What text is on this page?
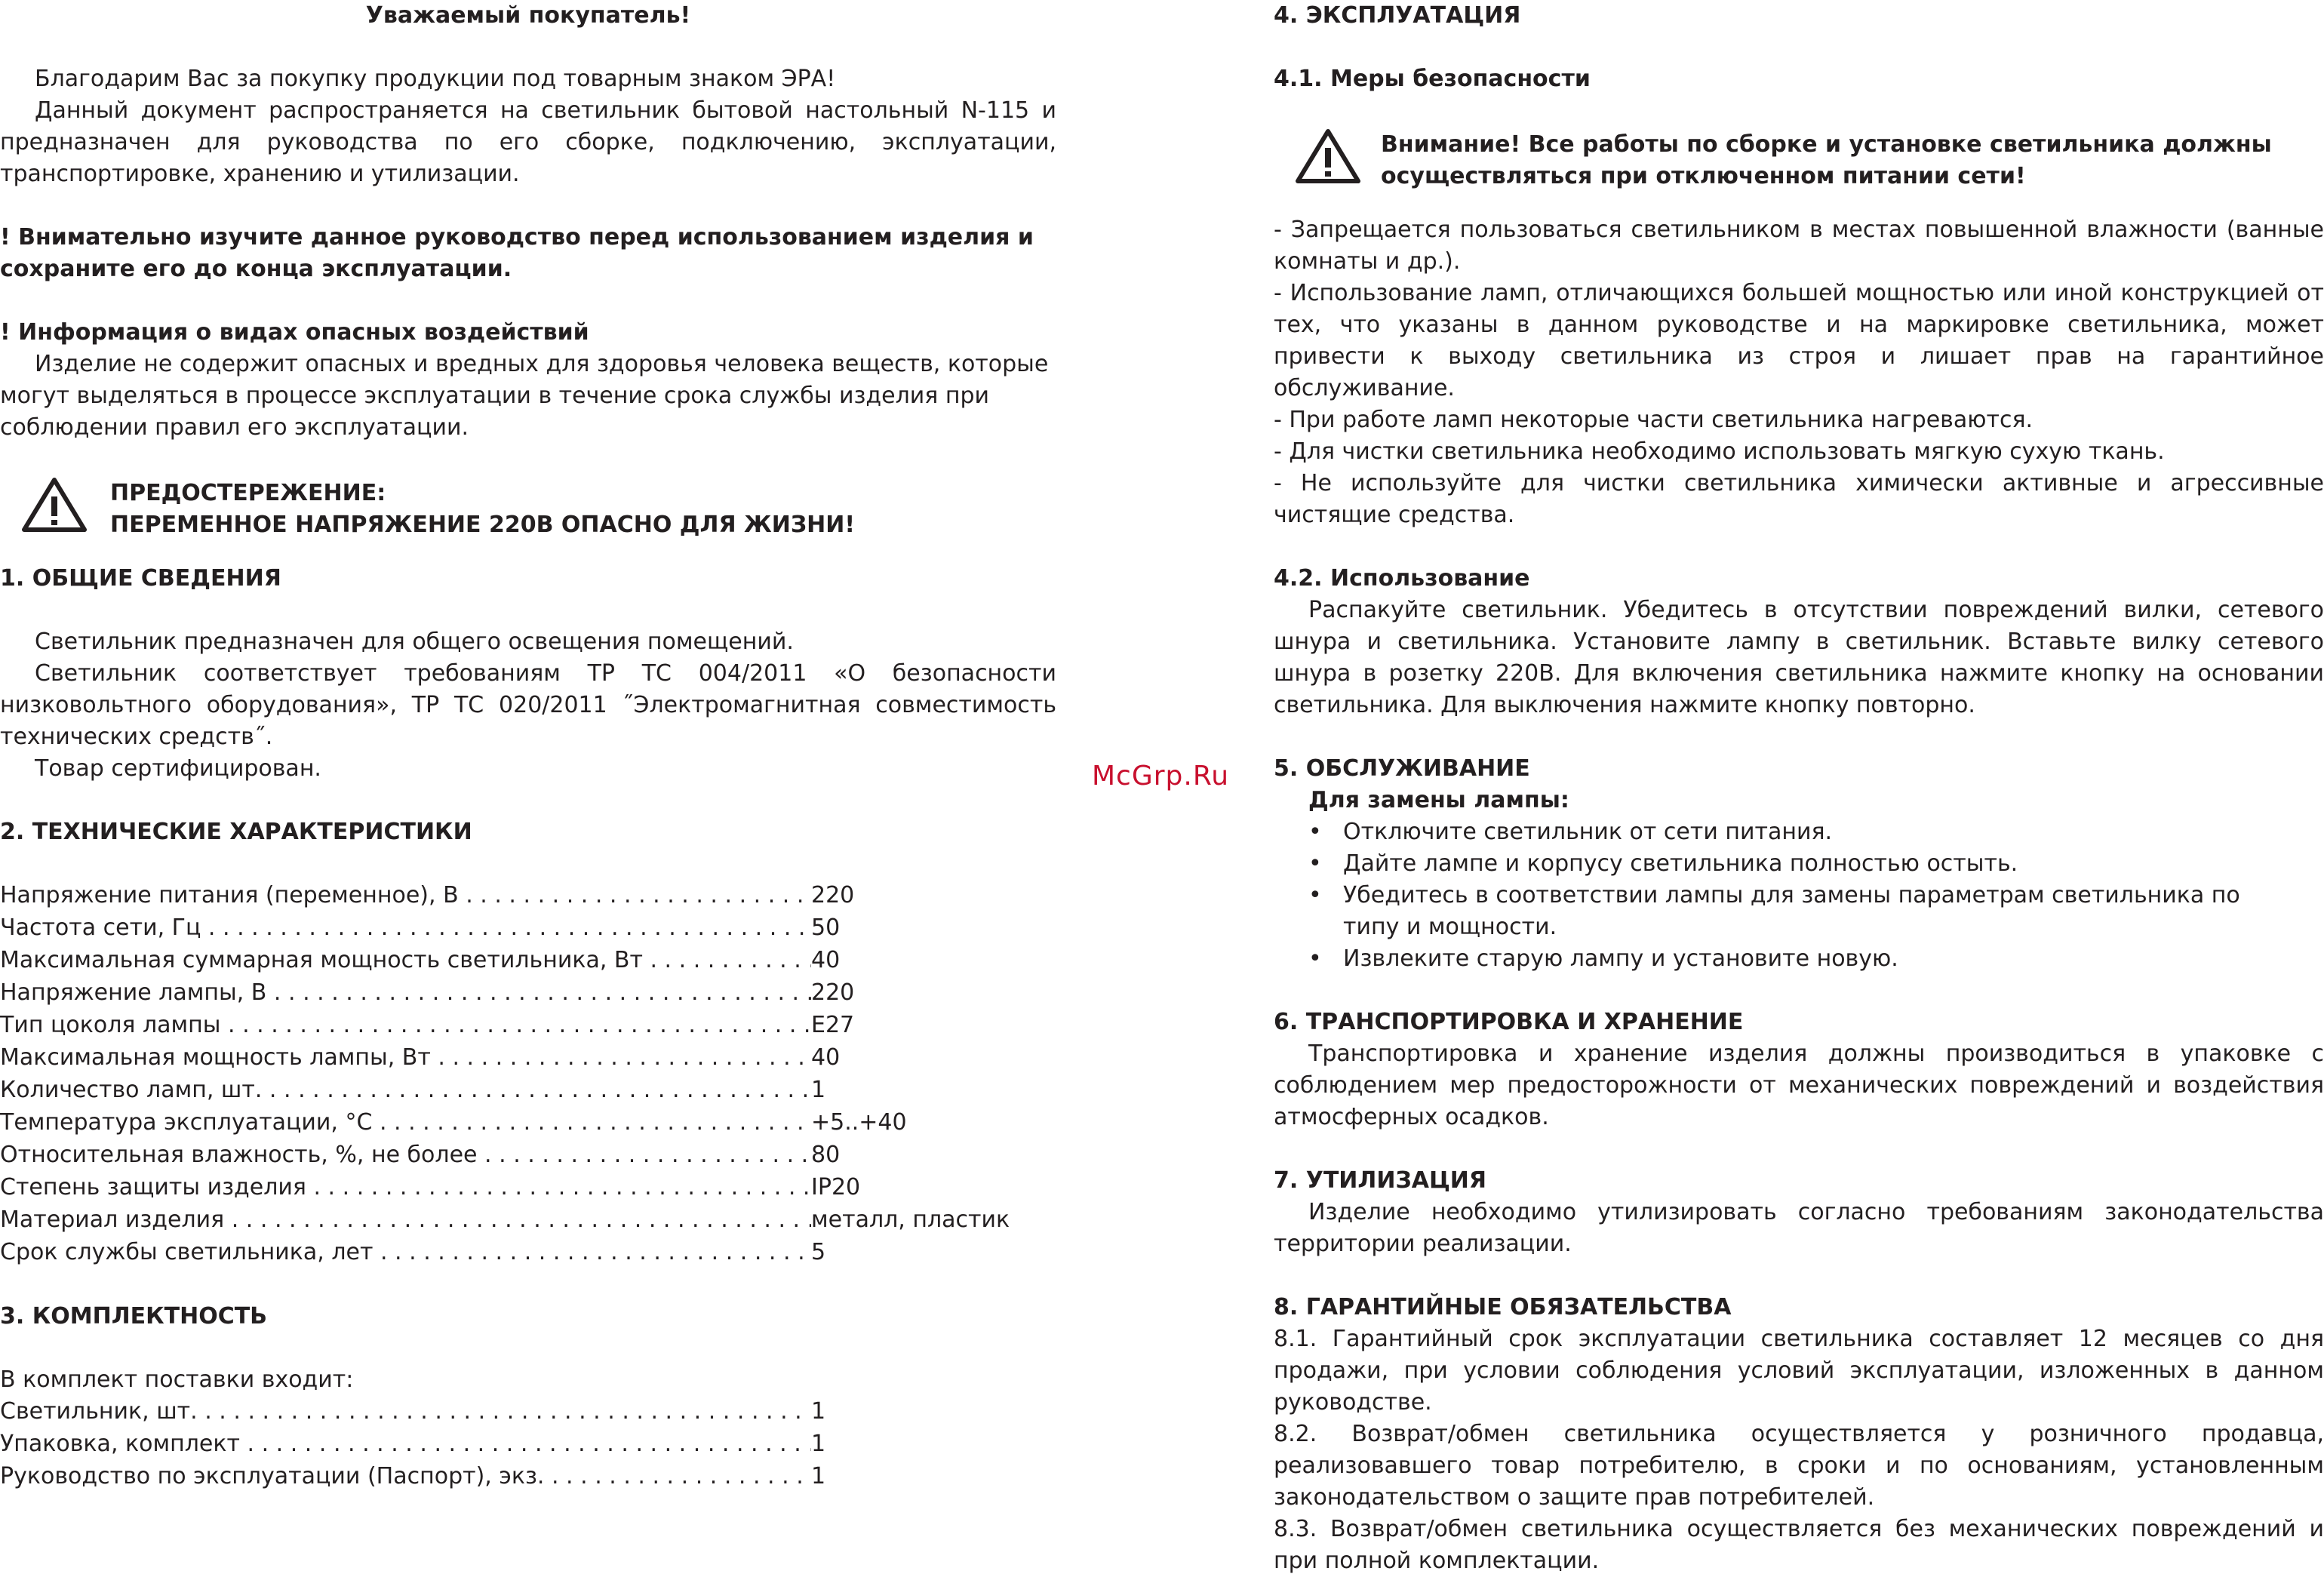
Уважаемый покупатель!

Благодарим Вас за покупку продукции под товарным знаком ЭРА!

Данный документ распространяется на светильник бытовой настольный N-115 и предназначен для руководства по его сборке, подключению, эксплуатации, транспортировке, хранению и утилизации.

! Внимательно изучите данное руководство перед использованием изделия и сохраните его до конца эксплуатации.

! Информация о видах опасных воздействий

Изделие не содержит опасных и вредных для здоровья человека веществ, которые могут выделяться в процессе эксплуатации в течение срока службы изделия при соблюдении правил его эксплуатации.

ПРЕДОСТЕРЕЖЕНИЕ:

ПЕРЕМЕННОЕ НАПРЯЖЕНИЕ 220В ОПАСНО ДЛЯ ЖИЗНИ!

1. ОБЩИЕ СВЕДЕНИЯ

Светильник предназначен для общего освещения помещений.

Светильник соответствует требованиям ТР ТС 004/2011 «О безопасности низковольтного оборудования», ТР ТС 020/2011 ˝Электромагнитная совместимость технических средств˝.

Товар сертифицирован.

2. ТЕХНИЧЕСКИЕ ХАРАКТЕРИСТИКИ

Напряжение питания (переменное), В . . .	220
Частота сети, Гц . . .	50
Максимальная суммарная мощность светильника, Вт . . .	40
Напряжение лампы, В . . .	220
Тип цоколя лампы . . .	E27
Максимальная мощность лампы, Вт . . .	40
Количество ламп, шт. . . .	1
Температура эксплуатации, °С . . .	+5..+40
Относительная влажность, %, не более . . .	80
Степень защиты изделия . . .	IP20
Материал изделия . . .	металл, пластик
Срок службы светильника, лет . . .	5

3. КОМПЛЕКТНОСТЬ

В комплект поставки входит:

Светильник, шт. . . .	1
Упаковка, комплект . . .	1
Руководство по эксплуатации (Паспорт), экз. . . .	1
McGrp.Ru

4. ЭКСПЛУАТАЦИЯ

4.1. Меры безопасности

Внимание! Все работы по сборке и установке светильника должны осуществляться при отключенном питании сети!

- Запрещается пользоваться светильником в местах повышенной влажности (ванные комнаты и др.).

- Использование ламп, отличающихся большей мощностью или иной конструкцией от тех, что указаны в данном руководстве и на маркировке светильника, может привести к выходу светильника из строя и лишает прав на гарантийное обслуживание.

- При работе ламп некоторые части светильника нагреваются.

- Для чистки светильника необходимо использовать мягкую сухую ткань.

- Не используйте для чистки светильника химически активные и агрессивные чистящие средства.

4.2. Использование

Распакуйте светильник. Убедитесь в отсутствии повреждений вилки, сетевого шнура и светильника. Установите лампу в светильник. Вставьте вилку сетевого шнура в розетку 220В. Для включения светильника нажмите кнопку на основании светильника. Для выключения нажмите кнопку повторно.

5. ОБСЛУЖИВАНИЕ

Для замены лампы:

• Отключите светильник от сети питания.
• Дайте лампе и корпусу светильника полностью остыть.
• Убедитесь в соответствии лампы для замены параметрам светильника по типу и мощности.
• Извлеките старую лампу и установите новую.

6. ТРАНСПОРТИРОВКА И ХРАНЕНИЕ

Транспортировка и хранение изделия должны производиться в упаковке с соблюдением мер предосторожности от механических повреждений и воздействия атмосферных осадков.

7. УТИЛИЗАЦИЯ

Изделие необходимо утилизировать согласно требованиям законодательства территории реализации.

8. ГАРАНТИЙНЫЕ ОБЯЗАТЕЛЬСТВА

8.1. Гарантийный срок эксплуатации светильника составляет 12 месяцев со дня продажи, при условии соблюдения условий эксплуатации, изложенных в данном руководстве.

8.2. Возврат/обмен светильника осуществляется у розничного продавца, реализовавшего товар потребителю, в сроки и по основаниям, установленным законодательством о защите прав потребителей.

8.3. Возврат/обмен светильника осуществляется без механических повреждений и при полной комплектации.
